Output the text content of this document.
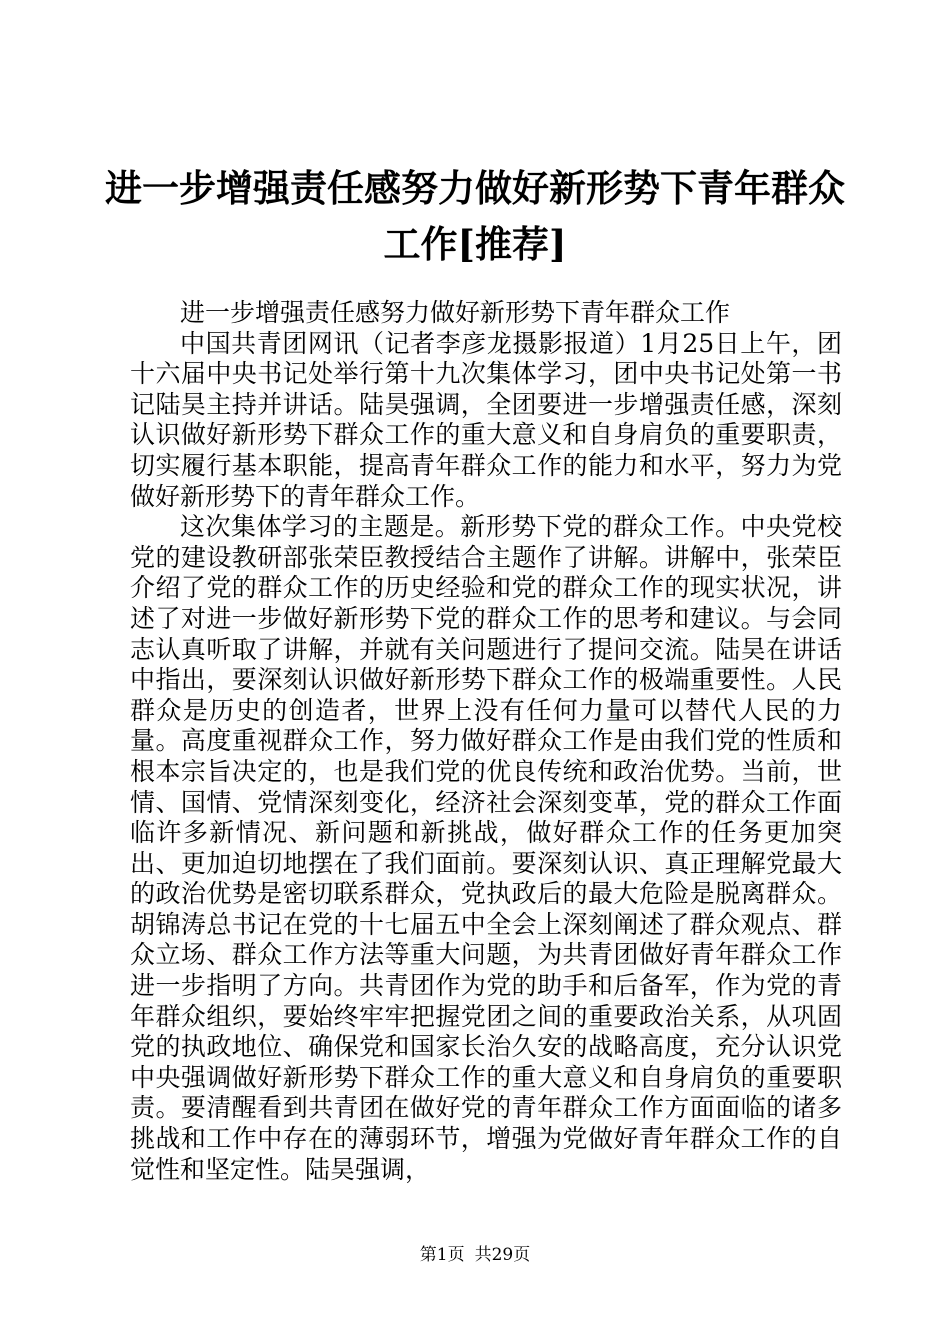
进一步增强责任感努力做好新形势下青年群众
工作[推荐]

进一步增强责任感努力做好新形势下青年群众工作

中国共青团网讯（记者李彦龙摄影报道）1月25日上午，团十六届中央书记处举行第十九次集体学习，团中央书记处第一书记陆昊主持并讲话。陆昊强调，全团要进一步增强责任感，深刻认识做好新形势下群众工作的重大意义和自身肩负的重要职责，切实履行基本职能，提高青年群众工作的能力和水平，努力为党做好新形势下的青年群众工作。

这次集体学习的主题是。新形势下党的群众工作。中央党校党的建设教研部张荣臣教授结合主题作了讲解。讲解中，张荣臣介绍了党的群众工作的历史经验和党的群众工作的现实状况，讲述了对进一步做好新形势下党的群众工作的思考和建议。与会同志认真听取了讲解，并就有关问题进行了提问交流。陆昊在讲话中指出，要深刻认识做好新形势下群众工作的极端重要性。人民群众是历史的创造者，世界上没有任何力量可以替代人民的力量。高度重视群众工作，努力做好群众工作是由我们党的性质和根本宗旨决定的，也是我们党的优良传统和政治优势。当前，世情、国情、党情深刻变化，经济社会深刻变革，党的群众工作面临许多新情况、新问题和新挑战，做好群众工作的任务更加突出、更加迫切地摆在了我们面前。要深刻认识、真正理解党最大的政治优势是密切联系群众，党执政后的最大危险是脱离群众。胡锦涛总书记在党的十七届五中全会上深刻阐述了群众观点、群众立场、群众工作方法等重大问题，为共青团做好青年群众工作进一步指明了方向。共青团作为党的助手和后备军，作为党的青年群众组织，要始终牢牢把握党团之间的重要政治关系，从巩固党的执政地位、确保党和国家长治久安的战略高度，充分认识党中央强调做好新形势下群众工作的重大意义和自身肩负的重要职责。要清醒看到共青团在做好党的青年群众工作方面面临的诸多挑战和工作中存在的薄弱环节，增强为党做好青年群众工作的自觉性和坚定性。陆昊强调，

第1页 共29页
